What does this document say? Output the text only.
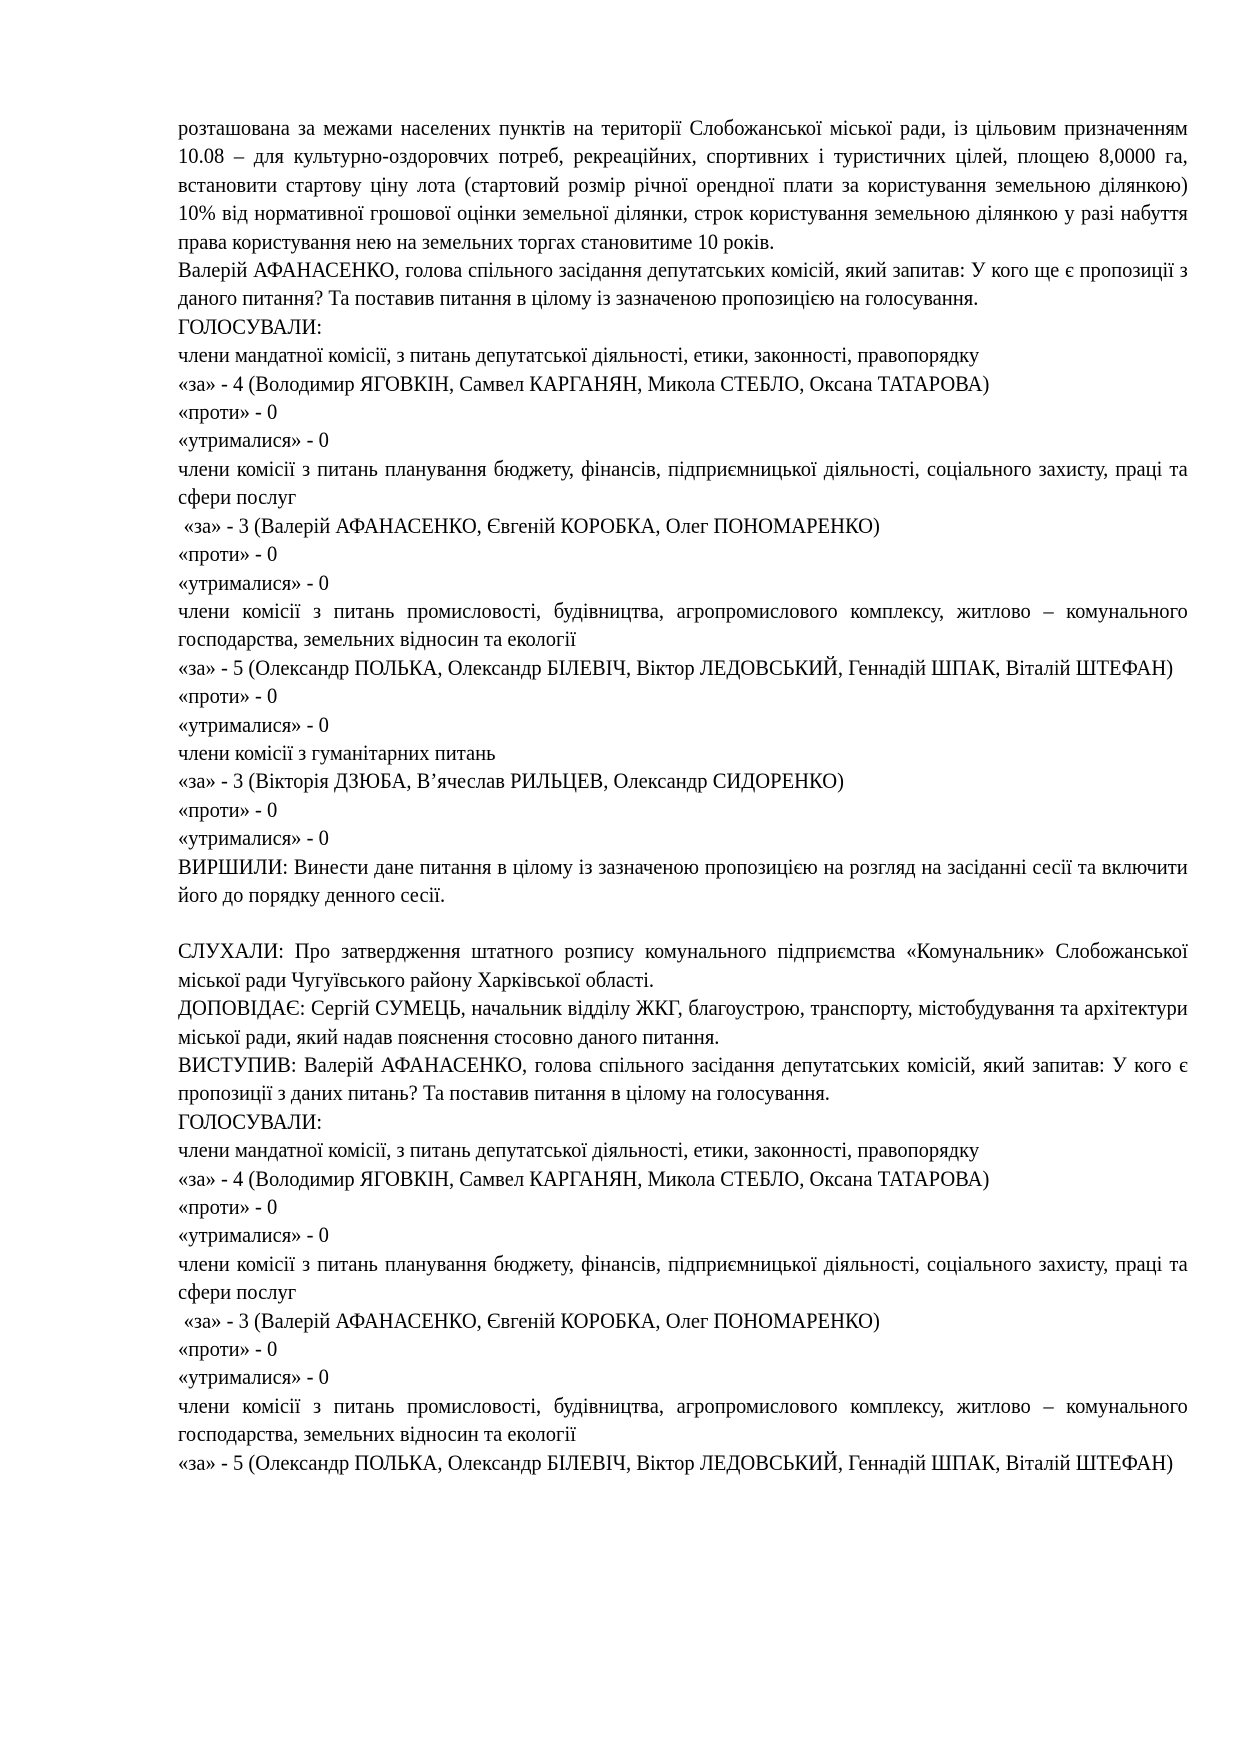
розташована за межами населених пунктів на території Слобожанської міської ради, із цільовим призначенням 10.08 – для культурно-оздоровчих потреб, рекреаційних, спортивних і туристичних цілей, площею 8,0000 га, встановити стартову ціну лота (стартовий розмір річної орендної плати за користування земельною ділянкою) 10% від нормативної грошової оцінки земельної ділянки, строк користування земельною ділянкою у разі набуття права користування нею на земельних торгах становитиме 10 років.

Валерій АФАНАСЕНКО, голова спільного засідання депутатських комісій, який запитав: У кого ще є пропозиції з даного питання? Та поставив питання в цілому із зазначеною пропозицією на голосування.

ГОЛОСУВАЛИ:

члени мандатної комісії, з питань депутатської діяльності, етики, законності, правопорядку

«за» - 4 (Володимир ЯГОВКІН, Самвел КАРГАНЯН, Микола СТЕБЛО, Оксана ТАТАРОВА)

«проти» - 0

«утрималися» - 0

члени комісії з питань планування бюджету, фінансів, підприємницької діяльності, соціального захисту, праці та сфери послуг

«за» - 3 (Валерій АФАНАСЕНКО, Євгеній КОРОБКА, Олег ПОНОМАРЕНКО)

«проти» - 0

«утрималися» - 0

члени комісії з питань промисловості, будівництва, агропромислового комплексу, житлово – комунального господарства, земельних відносин та екології

«за» - 5 (Олександр ПОЛЬКА, Олександр БІЛЕВІЧ, Віктор ЛЕДОВСЬКИЙ, Геннадій ШПАК, Віталій ШТЕФАН)

«проти» - 0

«утрималися» - 0

члени комісії з гуманітарних питань

«за» - 3 (Вікторія ДЗЮБА, В’ячеслав РИЛЬЦЕВ, Олександр СИДОРЕНКО)

«проти» - 0

«утрималися» - 0

ВИРШИЛИ: Винести дане питання в цілому із зазначеною пропозицією на розгляд на засіданні сесії та включити його до порядку денного сесії.

СЛУХАЛИ: Про затвердження штатного розпису комунального підприємства «Комунальник» Слобожанської міської ради Чугуївського району Харківської області.

ДОПОВІДАЄ: Сергій СУМЕЦЬ, начальник відділу ЖКГ, благоустрою, транспорту, містобудування та архітектури міської ради, який надав пояснення стосовно даного питання.

ВИСТУПИВ: Валерій АФАНАСЕНКО, голова спільного засідання депутатських комісій, який запитав: У кого є пропозиції з даних питань? Та поставив питання в цілому на голосування.

ГОЛОСУВАЛИ:

члени мандатної комісії, з питань депутатської діяльності, етики, законності, правопорядку

«за» - 4 (Володимир ЯГОВКІН, Самвел КАРГАНЯН, Микола СТЕБЛО, Оксана ТАТАРОВА)

«проти» - 0

«утрималися» - 0

члени комісії з питань планування бюджету, фінансів, підприємницької діяльності, соціального захисту, праці та сфери послуг

«за» - 3 (Валерій АФАНАСЕНКО, Євгеній КОРОБКА, Олег ПОНОМАРЕНКО)

«проти» - 0

«утрималися» - 0

члени комісії з питань промисловості, будівництва, агропромислового комплексу, житлово – комунального господарства, земельних відносин та екології

«за» - 5 (Олександр ПОЛЬКА, Олександр БІЛЕВІЧ, Віктор ЛЕДОВСЬКИЙ, Геннадій ШПАК, Віталій ШТЕФАН)
